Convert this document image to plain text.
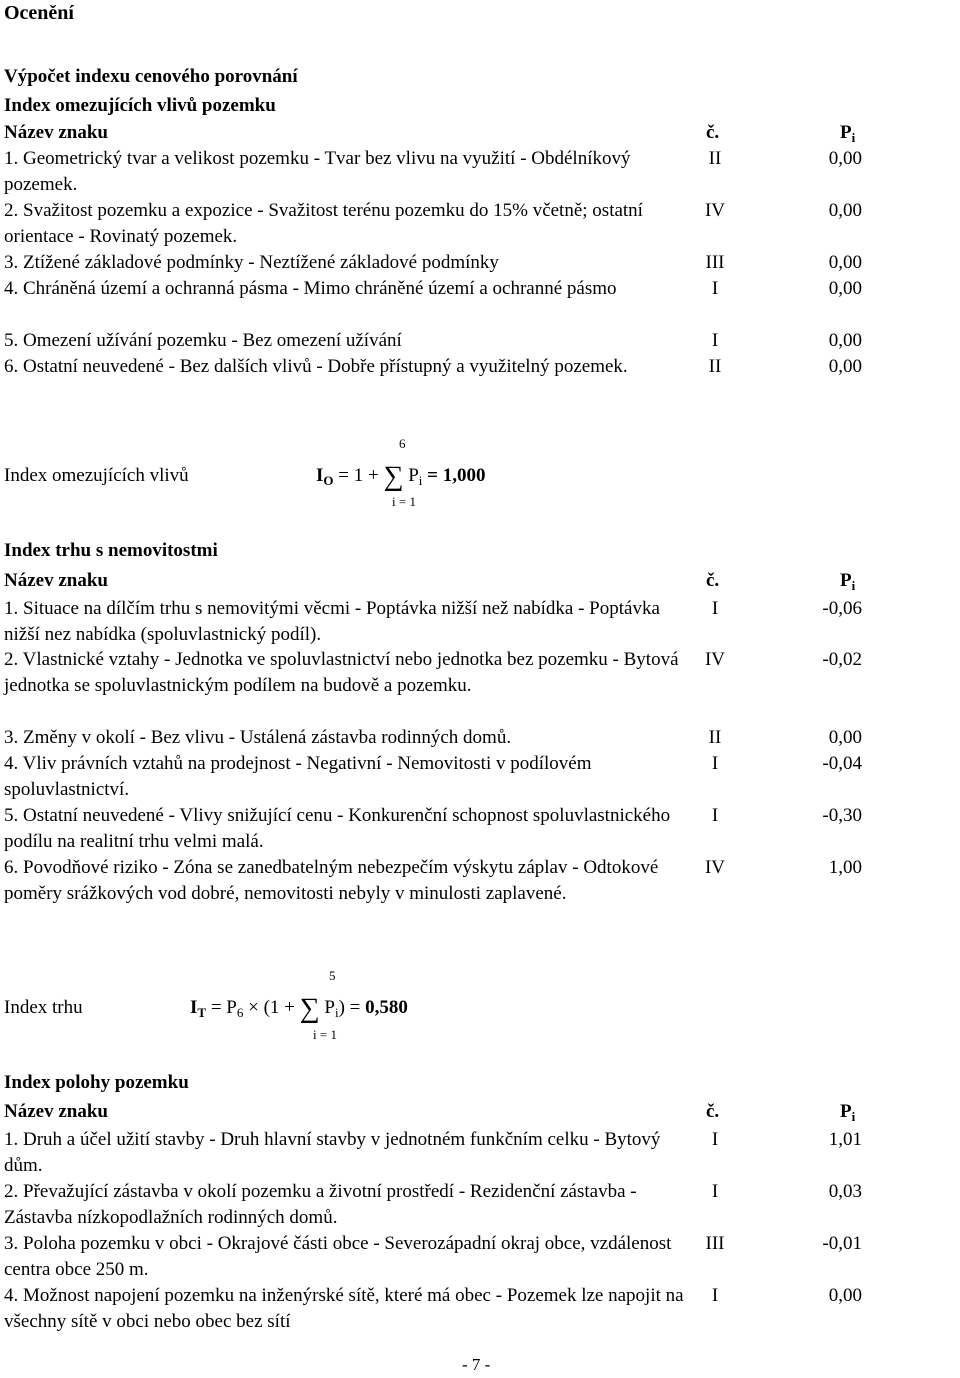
Ocenění
Výpočet indexu cenového porovnání
Index omezujících vlivů pozemku
Název znaku	č.	$P_i$
1. Geometrický tvar a velikost pozemku - Tvar bez vlivu na využití - Obdélníkový pozemek.
II	0,00
2. Svažitost pozemku a expozice - Svažitost terénu pozemku do 15% včetně; ostatní orientace - Rovinatý pozemek.
IV	0,00
3. Ztížené základové podmínky - Neztížené základové podmínky	III	0,00
4. Chráněná území a ochranná pásma - Mimo chráněné území a ochranné pásmo	I	0,00
5. Omezení užívání pozemku - Bez omezení užívání	I	0,00
6. Ostatní neuvedené - Bez dalších vlivů - Dobře přístupný a využitelný pozemek.	II	0,00
Index omezujících vlivů
6
i = 1
$I_O = 1$ + ∑ $P_i = 1,000$
Index trhu s nemovitostmi
Název znaku	č.	$P_i$
1. Situace na dílčím trhu s nemovitými věcmi - Poptávka nižší než nabídka - Poptávka nižší nez nabídka (spoluvlastnický podíl).
I	-0,06
2. Vlastnické vztahy - Jednotka ve spoluvlastnictví nebo jednotka bez pozemku - Bytová jednotka se spoluvlastnickým podílem na budově a pozemku.
IV	-0,02
3. Změny v okolí - Bez vlivu - Ustálená zástavba rodinných domů.	II	0,00
4. Vliv právních vztahů na prodejnost - Negativní - Nemovitosti v podílovém spoluvlastnictví.
I	-0,04
5. Ostatní neuvedené - Vlivy snižující cenu - Konkurenční schopnost spoluvlastnického podílu na realitní trhu velmi malá.
I	-0,30
6. Povodňové riziko - Zóna se zanedbatelným nebezpečím výskytu záplav - Odtokové poměry srážkových vod dobré, nemovitosti nebyly v minulosti zaplavené.
IV	1,00
Index trhu
5
i = 1
$I_T = P_6 \times (1$ + ∑ $P_i) = 0,580$
Index polohy pozemku
Název znaku	č.	$P_i$
1. Druh a účel užití stavby - Druh hlavní stavby v jednotném funkčním celku - Bytový dům.
I	1,01
2. Převažující zástavba v okolí pozemku a životní prostředí - Rezidenční zástavba - Zástavba nízkopodlažních rodinných domů.
I	0,03
3. Poloha pozemku v obci - Okrajové části obce - Severozápadní okraj obce, vzdálenost centra obce 250 m.
III	-0,01
4. Možnost napojení pozemku na inženýrské sítě, které má obec - Pozemek lze napojit na všechny sítě v obci nebo obec bez sítí
I	0,00
- 7 -
